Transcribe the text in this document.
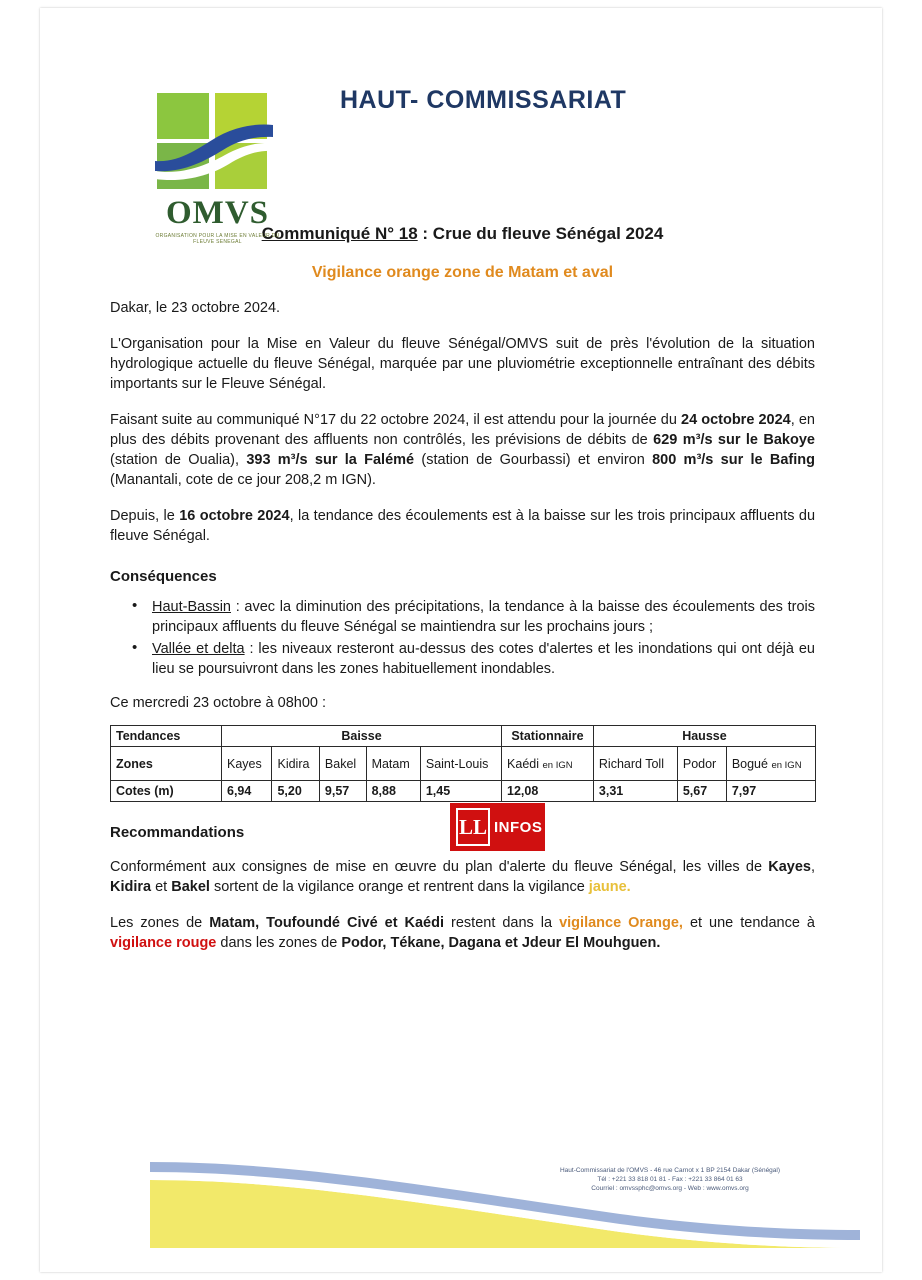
OMVS
ORGANISATION POUR LA MISE EN VALEUR DU FLEUVE SENEGAL
HAUT- COMMISSARIAT
Communiqué N° 18 : Crue du fleuve Sénégal 2024
Vigilance orange zone de Matam et aval

Dakar, le 23 octobre 2024.

L'Organisation pour la Mise en Valeur du fleuve Sénégal/OMVS suit de près l'évolution de la situation hydrologique actuelle du fleuve Sénégal, marquée par une pluviométrie exceptionnelle entraînant des débits importants sur le Fleuve Sénégal.

Faisant suite au communiqué N°17 du 22 octobre 2024, il est attendu pour la journée du 24 octobre 2024, en plus des débits provenant des affluents non contrôlés, les prévisions de débits de 629 m³/s sur le Bakoye (station de Oualia), 393 m³/s sur la Falémé (station de Gourbassi) et environ 800 m³/s sur le Bafing (Manantali, cote de ce jour 208,2 m IGN).

Depuis, le 16 octobre 2024, la tendance des écoulements est à la baisse sur les trois principaux affluents du fleuve Sénégal.

Conséquences
• Haut-Bassin : avec la diminution des précipitations, la tendance à la baisse des écoulements des trois principaux affluents du fleuve Sénégal se maintiendra sur les prochains jours ;
• Vallée et delta : les niveaux resteront au-dessus des cotes d'alertes et les inondations qui ont déjà eu lieu se poursuivront dans les zones habituellement inondables.

Ce mercredi 23 octobre à 08h00 :

Tendances	Baisse					Stationnaire	Hausse		
Zones	Kayes	Kidira	Bakel	Matam	Saint-Louis	Kaédi en IGN	Richard Toll	Podor	Bogué en IGN
Cotes (m)	6,94	5,20	9,57	8,88	1,45	12,08	3,31	5,67	7,97
Recommandations

Conformément aux consignes de mise en œuvre du plan d'alerte du fleuve Sénégal, les villes de Kayes, Kidira et Bakel sortent de la vigilance orange et rentrent dans la vigilance jaune.

Les zones de Matam, Toufoundé Civé et Kaédi restent dans la vigilance Orange, et une tendance à vigilance rouge dans les zones de Podor, Tékane, Dagana et Jdeur El Mouhguen.

LL INFOS
Haut-Commissariat de l'OMVS - 46 rue Carnot x 1 BP 2154 Dakar (Sénégal)
Tél : +221 33 818 01 81 - Fax : +221 33 864 01 63
Courriel : omvssphc@omvs.org - Web : www.omvs.org
